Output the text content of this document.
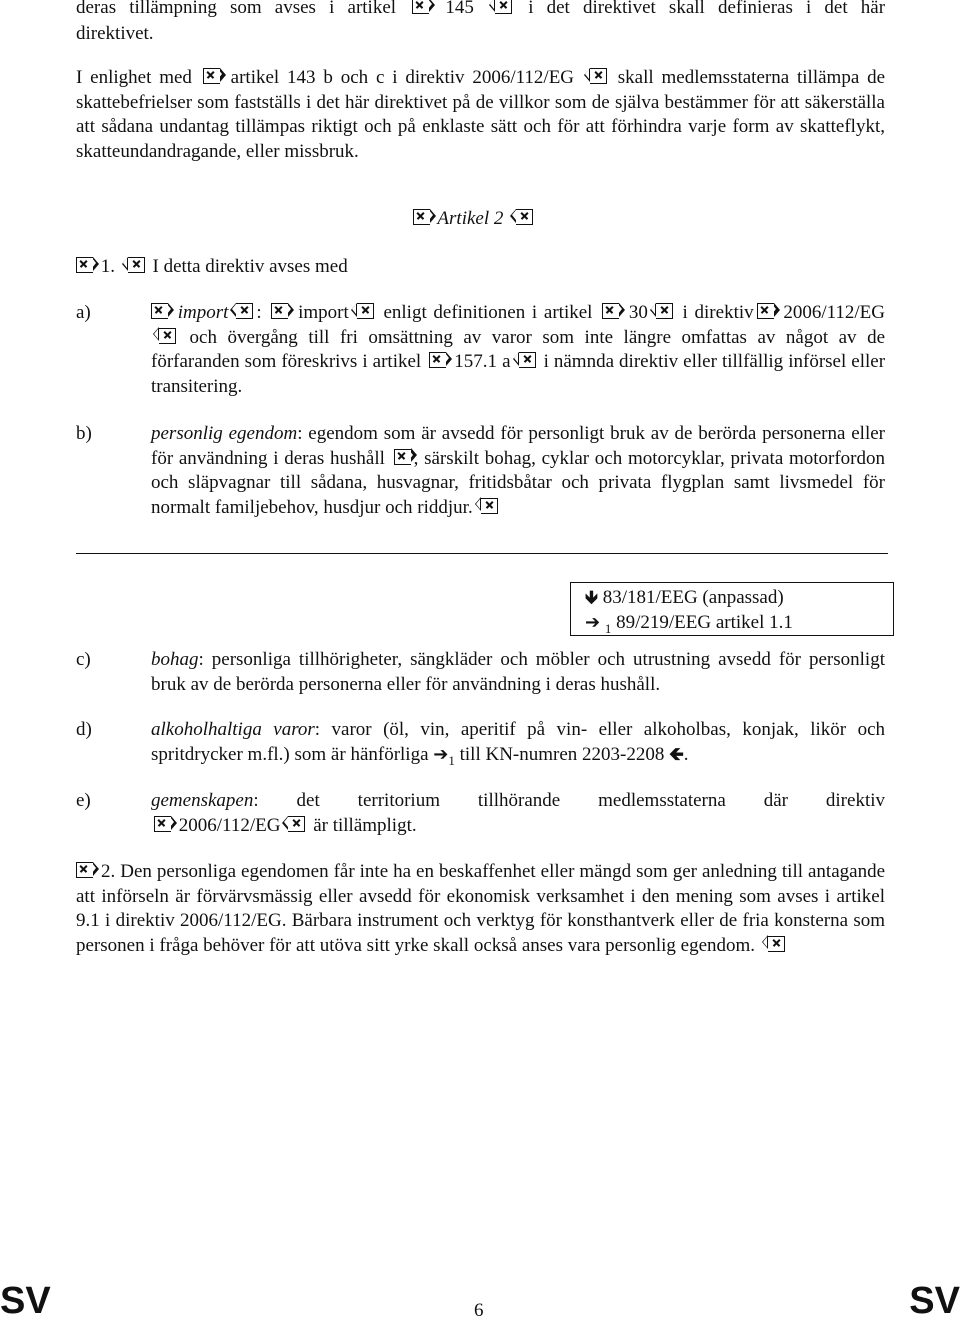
deras tillämpning som avses i artikel	145	i det direktivet skall definieras i det här
direktivet.
I enlighet med artikel 143 b och c i direktiv 2006/112/EG skall medlemsstaterna tillämpa de skattebefrielser som fastställs i det här direktivet på de villkor som de själva bestämmer för att säkerställa att sådana undantag tillämpas riktigt och på enklaste sätt och för att förhindra varje form av skatteflykt, skatteundandragande, eller missbruk.
Artikel 2
1. I detta direktiv avses med
a)	import : import enligt definitionen i artikel 30 i direktiv 2006/112/EG
och övergång till fri omsättning av varor som inte längre omfattas av något av de förfaranden som föreskrivs i artikel 157.1 a i nämnda direktiv eller tillfällig införsel eller transitering.
b)	personlig egendom: egendom som är avsedd för personligt bruk av de berörda personerna eller för användning i deras hushåll , särskilt bohag, cyklar och motorcyklar, privata motorfordon och släpvagnar till sådana, husvagnar, fritidsbåtar och privata flygplan samt livsmedel för normalt familjebehov, husdjur och riddjur.
🡻 83/181/EEG (anpassad)
➔ $_1$ 89/219/EEG artikel 1.1
c)	bohag: personliga tillhörigheter, sängkläder och möbler och utrustning avsedd för personligt bruk av de berörda personerna eller för användning i deras hushåll.
d)	alkoholhaltiga varor: varor (öl, vin, aperitif på vin- eller alkoholbas, konjak, likör och spritdrycker m.fl.) som är hänförliga $➔_1$ till KN-numren 2203-2208 🡸.
e)	gemenskapen: det territorium tillhörande medlemsstaterna där direktiv
2006/112/EG är tillämpligt.
2. Den personliga egendomen får inte ha en beskaffenhet eller mängd som ger anledning till antagande att införseln är förvärvsmässig eller avsedd för ekonomisk verksamhet i den mening som avses i artikel 9.1 i direktiv 2006/112/EG. Bärbara instrument och verktyg för konsthantverk eller de fria konsterna som personen i fråga behöver för att utöva sitt yrke skall också anses vara personlig egendom.
SV	6	SV
